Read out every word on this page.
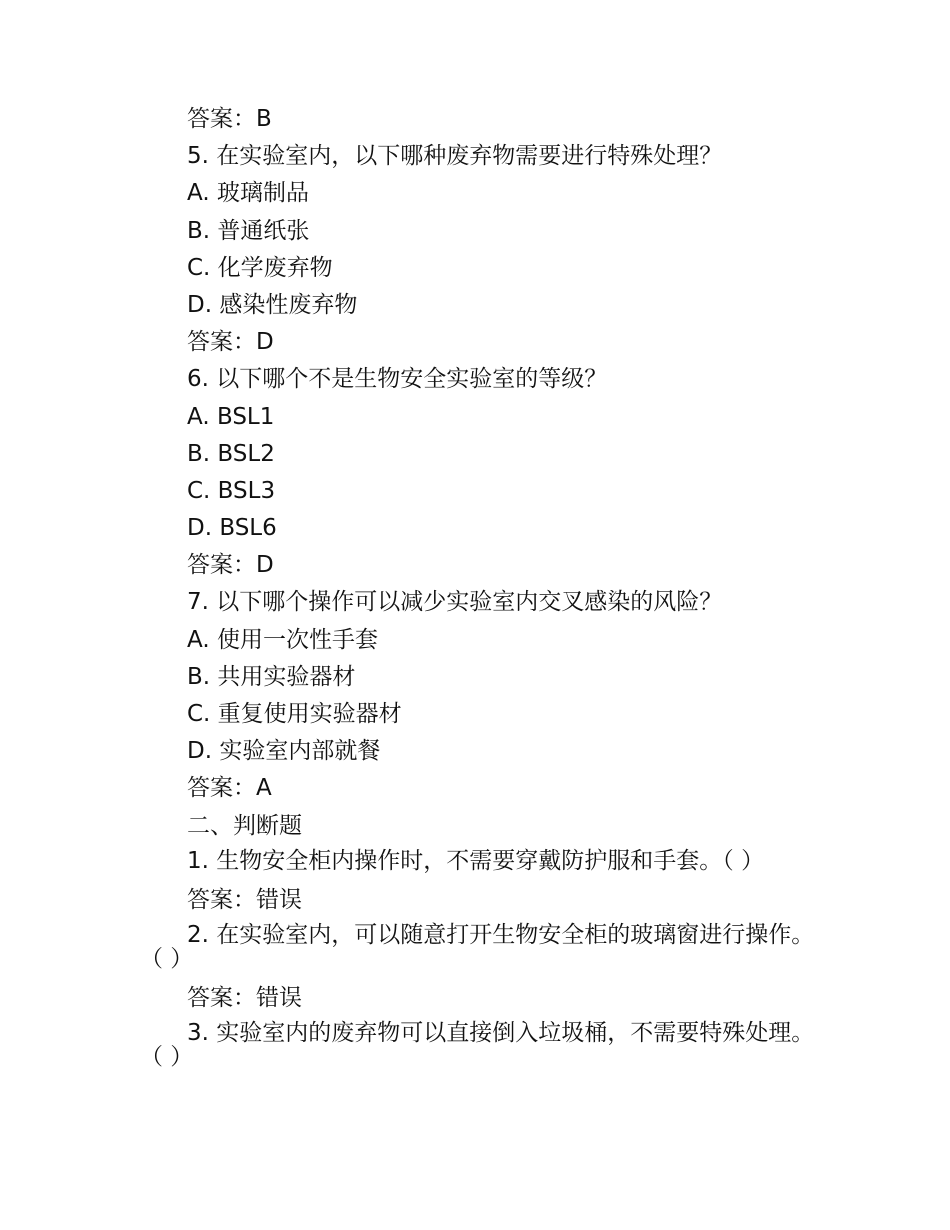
答案：B
5. 在实验室内，以下哪种废弃物需要进行特殊处理？
A. 玻璃制品
B. 普通纸张
C. 化学废弃物
D. 感染性废弃物
答案：D
6. 以下哪个不是生物安全实验室的等级？
A. BSL1
B. BSL2
C. BSL3
D. BSL6
答案：D
7. 以下哪个操作可以减少实验室内交叉感染的风险？
A. 使用一次性手套
B. 共用实验器材
C. 重复使用实验器材
D. 实验室内部就餐
答案：A
二、判断题
1. 生物安全柜内操作时，不需要穿戴防护服和手套。（ ）
答案：错误
2. 在实验室内，可以随意打开生物安全柜的玻璃窗进行操作。（ ）
答案：错误
3. 实验室内的废弃物可以直接倒入垃圾桶，不需要特殊处理。（ ）
